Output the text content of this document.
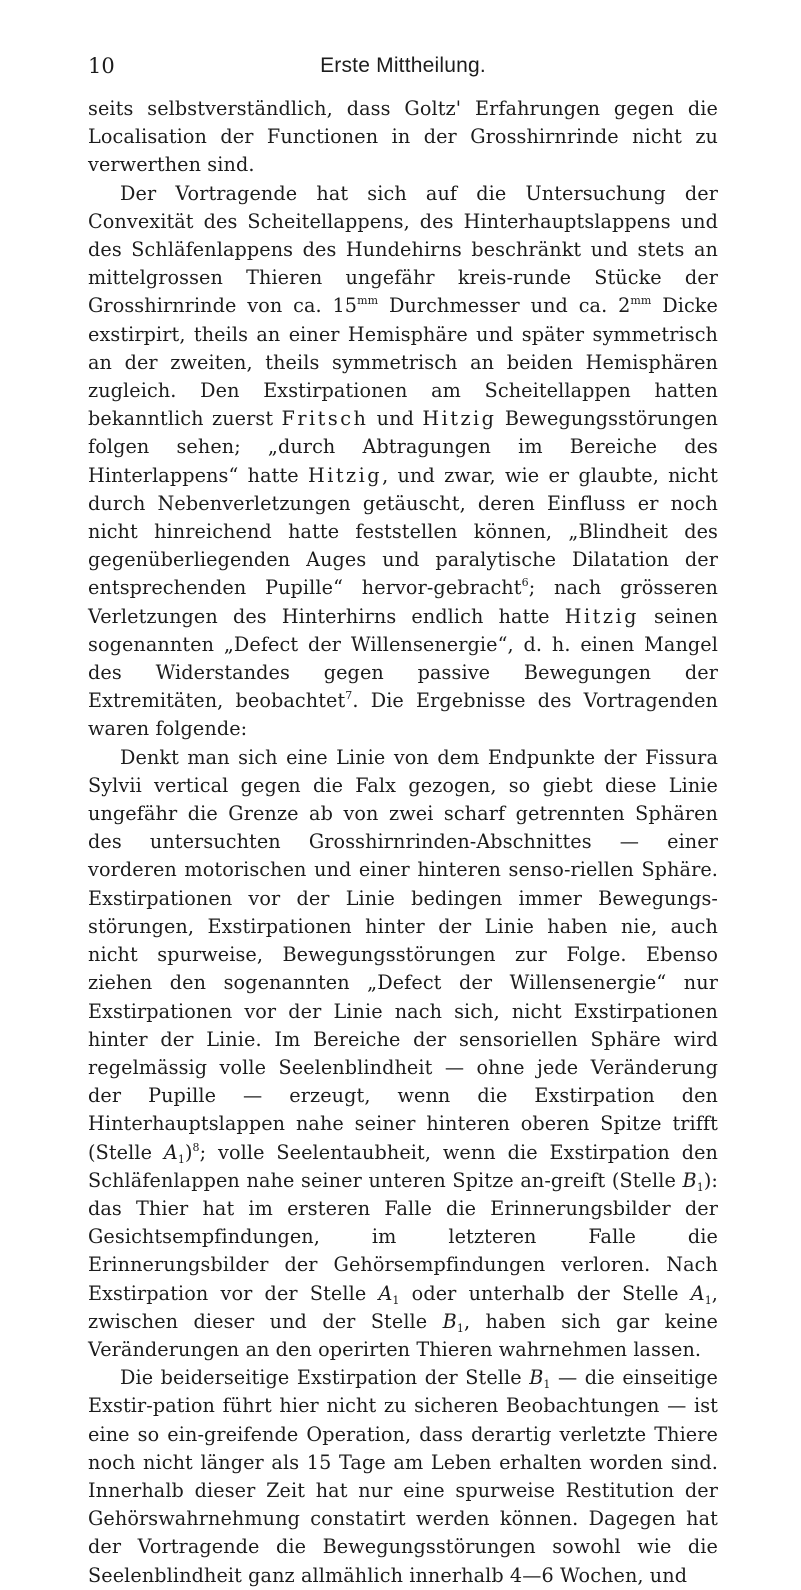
10	Erste Mittheilung.

seits selbstverständlich, dass Goltz' Erfahrungen gegen die Localisation der Functionen in der Grosshirnrinde nicht zu verwerthen sind.

Der Vortragende hat sich auf die Untersuchung der Convexität des Scheitellappens, des Hinterhauptslappens und des Schläfenlappens des Hundehirns beschränkt und stets an mittelgrossen Thieren ungefähr kreis-runde Stücke der Grosshirnrinde von ca. $15^{mm}$ Durchmesser und ca. $2^{mm}$ Dicke exstirpirt, theils an einer Hemisphäre und später symmetrisch an der zweiten, theils symmetrisch an beiden Hemisphären zugleich. Den Exstirpationen am Scheitellappen hatten bekanntlich zuerst Fritsch und Hitzig Bewegungsstörungen folgen sehen; „durch Abtragungen im Bereiche des Hinterlappens“ hatte Hitzig, und zwar, wie er glaubte, nicht durch Nebenverletzungen getäuscht, deren Einfluss er noch nicht hinreichend hatte feststellen können, „Blindheit des gegenüberliegenden Auges und paralytische Dilatation der entsprechenden Pupille“ hervor-gebracht$^6$; nach grösseren Verletzungen des Hinterhirns endlich hatte Hitzig seinen sogenannten „Defect der Willensenergie“, d. h. einen Mangel des Widerstandes gegen passive Bewegungen der Extremitäten, beobachtet$^7$. Die Ergebnisse des Vortragenden waren folgende:

Denkt man sich eine Linie von dem Endpunkte der Fissura Sylvii vertical gegen die Falx gezogen, so giebt diese Linie ungefähr die Grenze ab von zwei scharf getrennten Sphären des untersuchten Grosshirnrinden-Abschnittes — einer vorderen motorischen und einer hinteren senso-riellen Sphäre. Exstirpationen vor der Linie bedingen immer Bewegungs-störungen, Exstirpationen hinter der Linie haben nie, auch nicht spurweise, Bewegungsstörungen zur Folge. Ebenso ziehen den sogenannten „Defect der Willensenergie“ nur Exstirpationen vor der Linie nach sich, nicht Exstirpationen hinter der Linie. Im Bereiche der sensoriellen Sphäre wird regelmässig volle Seelenblindheit — ohne jede Veränderung der Pupille — erzeugt, wenn die Exstirpation den Hinterhauptslappen nahe seiner hinteren oberen Spitze trifft (Stelle $A_1)^8$; volle Seelentaubheit, wenn die Exstirpation den Schläfenlappen nahe seiner unteren Spitze an-greift (Stelle $B_1$): das Thier hat im ersteren Falle die Erinnerungsbilder der Gesichtsempfindungen, im letzteren Falle die Erinnerungsbilder der Gehörsempfindungen verloren. Nach Exstirpation vor der Stelle $A_1$ oder unterhalb der Stelle $A_1$, zwischen dieser und der Stelle $B_1$, haben sich gar keine Veränderungen an den operirten Thieren wahrnehmen lassen.

Die beiderseitige Exstirpation der Stelle $B_1$ — die einseitige Exstir-pation führt hier nicht zu sicheren Beobachtungen — ist eine so ein-greifende Operation, dass derartig verletzte Thiere noch nicht länger als 15 Tage am Leben erhalten worden sind. Innerhalb dieser Zeit hat nur eine spurweise Restitution der Gehörswahrnehmung constatirt werden können. Dagegen hat der Vortragende die Bewegungsstörungen sowohl wie die Seelenblindheit ganz allmählich innerhalb 4—6 Wochen, und
